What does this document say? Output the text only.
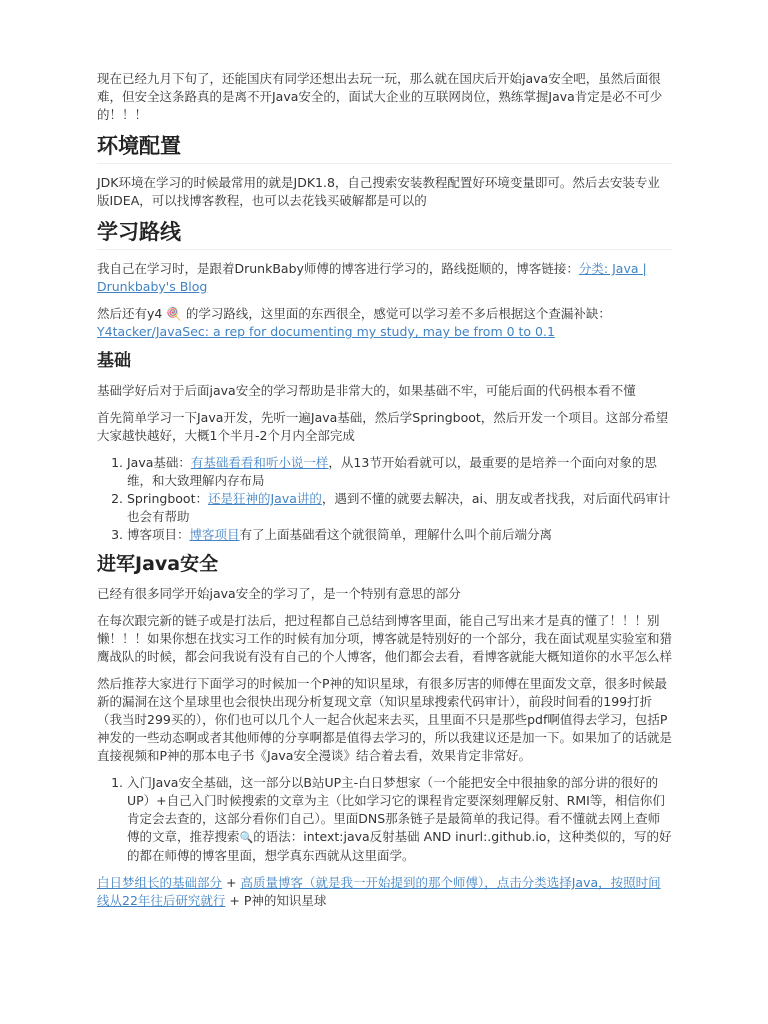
现在已经九月下旬了，还能国庆有同学还想出去玩一玩，那么就在国庆后开始java安全吧，虽然后面很难，但安全这条路真的是离不开Java安全的，面试大企业的互联网岗位，熟练掌握Java肯定是必不可少的！！！

环境配置

JDK环境在学习的时候最常用的就是JDK1.8，自己搜索安装教程配置好环境变量即可。然后去安装专业版IDEA，可以找博客教程，也可以去花钱买破解都是可以的

学习路线

我自己在学习时，是跟着DrunkBaby师傅的博客进行学习的，路线挺顺的，博客链接：分类: Java | Drunkbaby's Blog

然后还有y4 🍭 的学习路线，这里面的东西很全，感觉可以学习差不多后根据这个查漏补缺：
Y4tacker/JavaSec: a rep for documenting my study, may be from 0 to 0.1

基础

基础学好后对于后面java安全的学习帮助是非常大的，如果基础不牢，可能后面的代码根本看不懂

首先简单学习一下Java开发，先听一遍Java基础，然后学Springboot，然后开发一个项目。这部分希望大家越快越好，大概1个半月-2个月内全部完成

1. Java基础：有基础看看和听小说一样，从13节开始看就可以，最重要的是培养一个面向对象的思维，和大致理解内存布局
2. Springboot：还是狂神的Java讲的，遇到不懂的就要去解决，ai、朋友或者找我，对后面代码审计也会有帮助
3. 博客项目：博客项目有了上面基础看这个就很简单，理解什么叫个前后端分离
进军Java安全

已经有很多同学开始java安全的学习了，是一个特别有意思的部分

在每次跟完新的链子或是打法后，把过程都自己总结到博客里面，能自己写出来才是真的懂了！！！别懒！！！如果你想在找实习工作的时候有加分项，博客就是特别好的一个部分，我在面试观星实验室和猎鹰战队的时候，都会问我说有没有自己的个人博客，他们都会去看，看博客就能大概知道你的水平怎么样

然后推荐大家进行下面学习的时候加一个P神的知识星球，有很多厉害的师傅在里面发文章，很多时候最新的漏洞在这个星球里也会很快出现分析复现文章（知识星球搜索代码审计），前段时间看的199打折（我当时299买的），你们也可以几个人一起合伙起来去买，且里面不只是那些pdf啊值得去学习，包括P神发的一些动态啊或者其他师傅的分享啊都是值得去学习的，所以我建议还是加一下。如果加了的话就是直接视频和P神的那本电子书《Java安全漫谈》结合着去看，效果肯定非常好。

1. 入门Java安全基础，这一部分以B站UP主-白日梦想家（一个能把安全中很抽象的部分讲的很好的UP）+自己入门时候搜索的文章为主（比如学习它的课程肯定要深刻理解反射、RMI等，相信你们肯定会去查的，这部分看你们自己）。里面DNS那条链子是最简单的我记得。看不懂就去网上查师傅的文章，推荐搜索🔍的语法：intext:java反射基础 AND inurl:.github.io，这种类似的，写的好的都在师傅的博客里面，想学真东西就从这里面学。

白日梦组长的基础部分 + 高质量博客（就是我一开始提到的那个师傅），点击分类选择Java，按照时间线从22年往后研究就行 + P神的知识星球
